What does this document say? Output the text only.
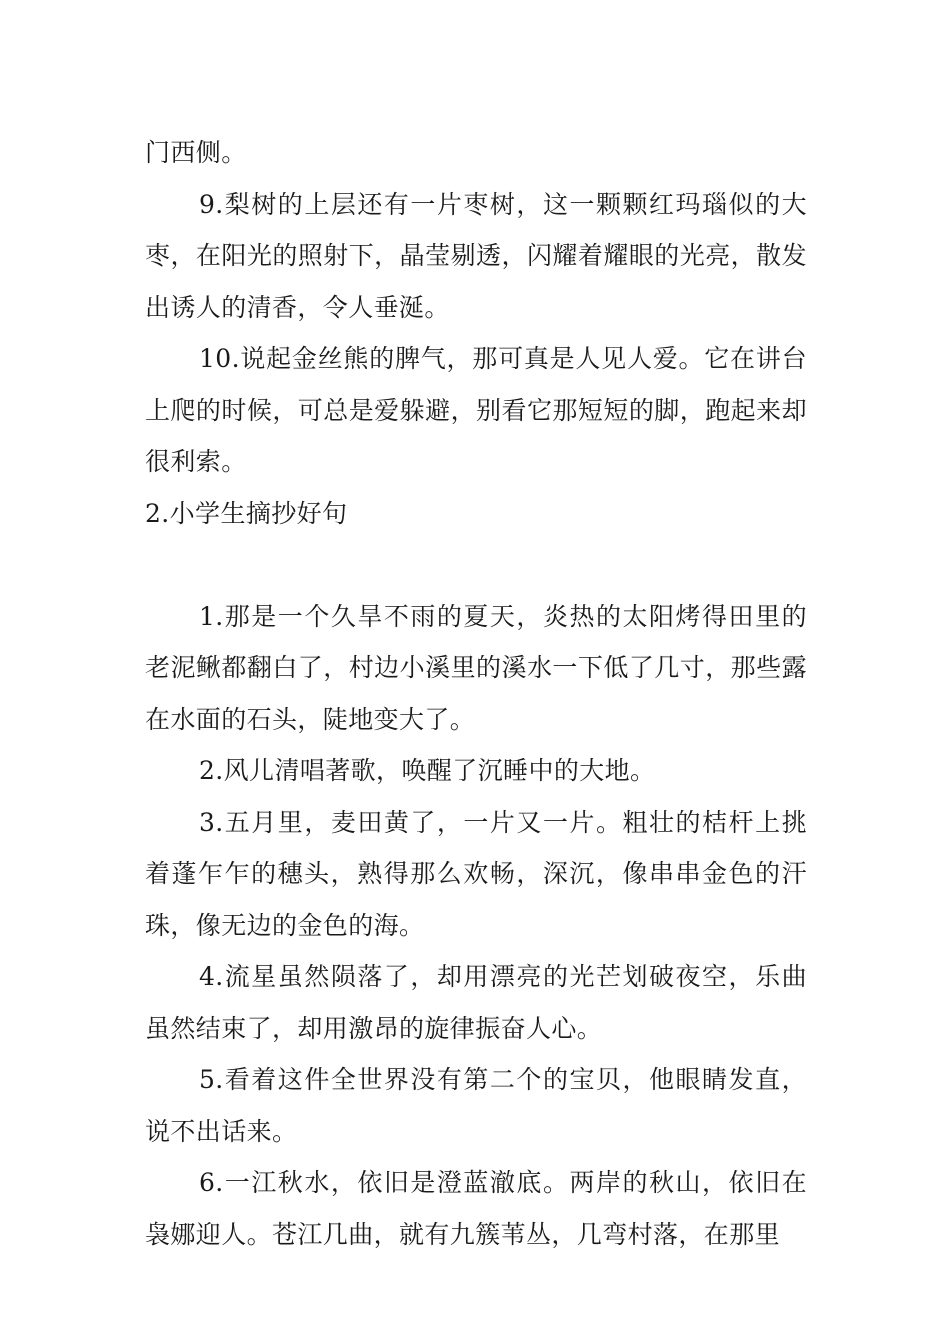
门西侧。

9.梨树的上层还有一片枣树，这一颗颗红玛瑙似的大枣，在阳光的照射下，晶莹剔透，闪耀着耀眼的光亮，散发出诱人的清香，令人垂涎。

10.说起金丝熊的脾气，那可真是人见人爱。它在讲台上爬的时候，可总是爱躲避，别看它那短短的脚，跑起来却很利索。

2.小学生摘抄好句

1.那是一个久旱不雨的夏天，炎热的太阳烤得田里的老泥鳅都翻白了，村边小溪里的溪水一下低了几寸，那些露在水面的石头，陡地变大了。

2.风儿清唱著歌，唤醒了沉睡中的大地。

3.五月里，麦田黄了，一片又一片。粗壮的桔杆上挑着蓬乍乍的穗头，熟得那么欢畅，深沉，像串串金色的汗珠，像无边的金色的海。

4.流星虽然陨落了，却用漂亮的光芒划破夜空，乐曲虽然结束了，却用激昂的旋律振奋人心。

5.看着这件全世界没有第二个的宝贝，他眼睛发直，说不出话来。

6.一江秋水，依旧是澄蓝澈底。两岸的秋山，依旧在袅娜迎人。苍江几曲，就有九簇苇丛，几弯村落，在那里
